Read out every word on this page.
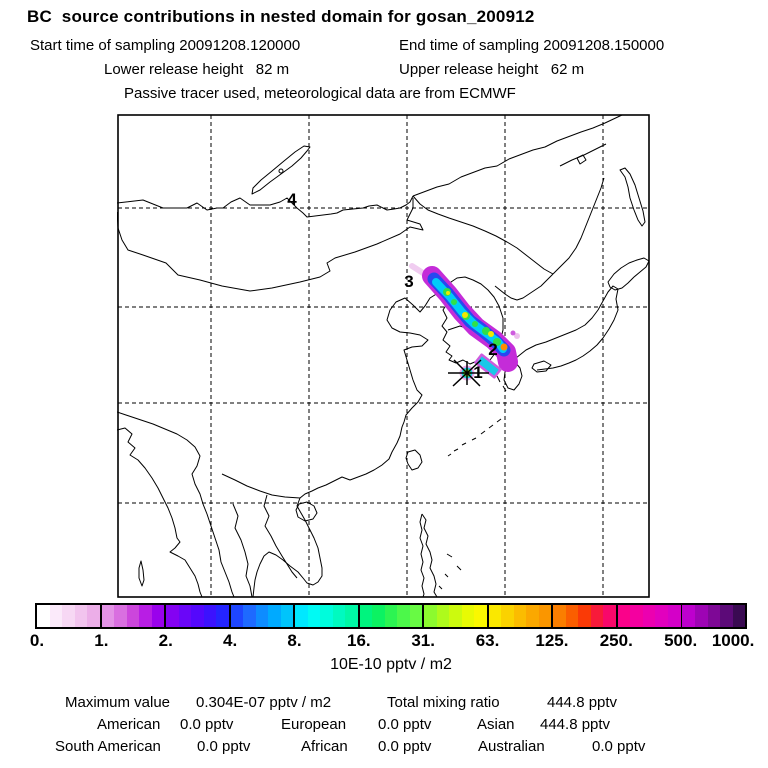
BC  source contributions in nested domain for gosan_200912
Start time of sampling 20091208.120000	End time of sampling 20091208.150000
Lower release height   82 m	Upper release height   62 m
Passive tracer used, meteorological data are from ECMWF
1
2
3
4
0.	1.	2.	4.	8.	16. 31. 63. 125. 250. 500. 1000.
10E-10 pptv / m2
Maximum value 0.304E-07 pptv / m2	Total mixing ratio	444.8 pptv
American 0.0 pptv	European 0.0 pptv	Asian 444.8 pptv
South American 0.0 pptv	African 0.0 pptv	Australian	0.0 pptv
